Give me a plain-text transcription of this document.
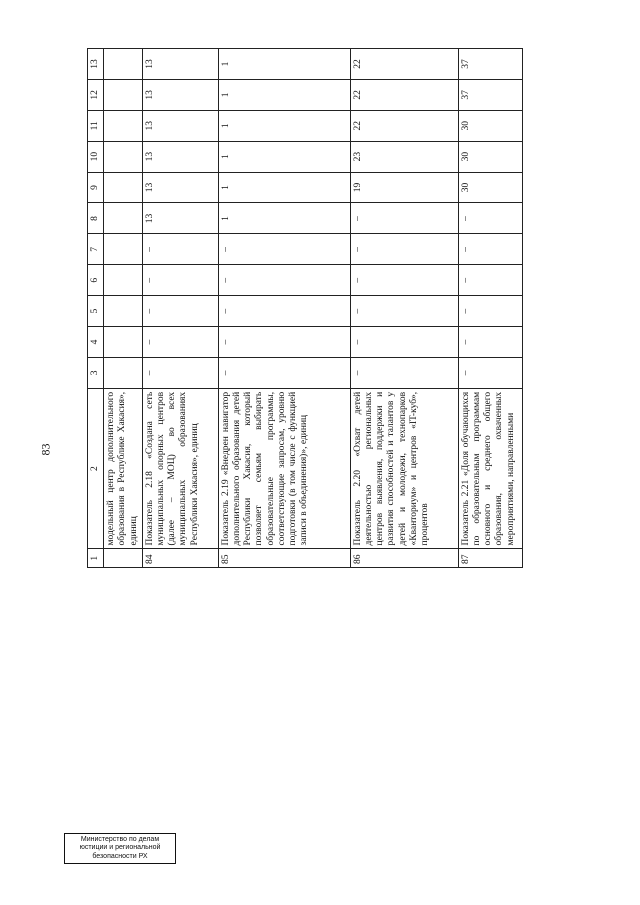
83
1	2	3	4	5	6	7	8	9	10	11	12	13
	модельный центр дополнительного образования в Республике Хакасия», единиц											
84	Показатель 2.18 «Создана сеть муниципальных опорных центров (далее – МОЦ) во всех муниципальных образованиях Республики Хакасия», единиц	–	–	–	–	–	13	13	13	13	13	13
85	Показатель 2.19 «Внедрен навигатор дополнительного образования детей Республики Хакасия, который позволяет семьям выбирать образовательные программы, соответствующие запросам, уровню подготовки (в том числе с функцией записи в объединения)», единиц	–	–	–	–	–	1	1	1	1	1	1
86	Показатель 2.20 «Охват детей деятельностью региональных центров выявления, поддержки и развития способностей и талантов у детей и молодежи, технопарков «Кванториум» и центров «IT-куб», процентов	–	–	–	–	–	–	19	23	22	22	22
87	Показатель 2.21 «Доля обучающихся по образовательным программам основного и среднего общего образования, охваченных мероприятиями, направленными	–	–	–	–	–	–	30	30	30	37	37
Министерство по делам
юстиции и региональной
безопасности РХ
